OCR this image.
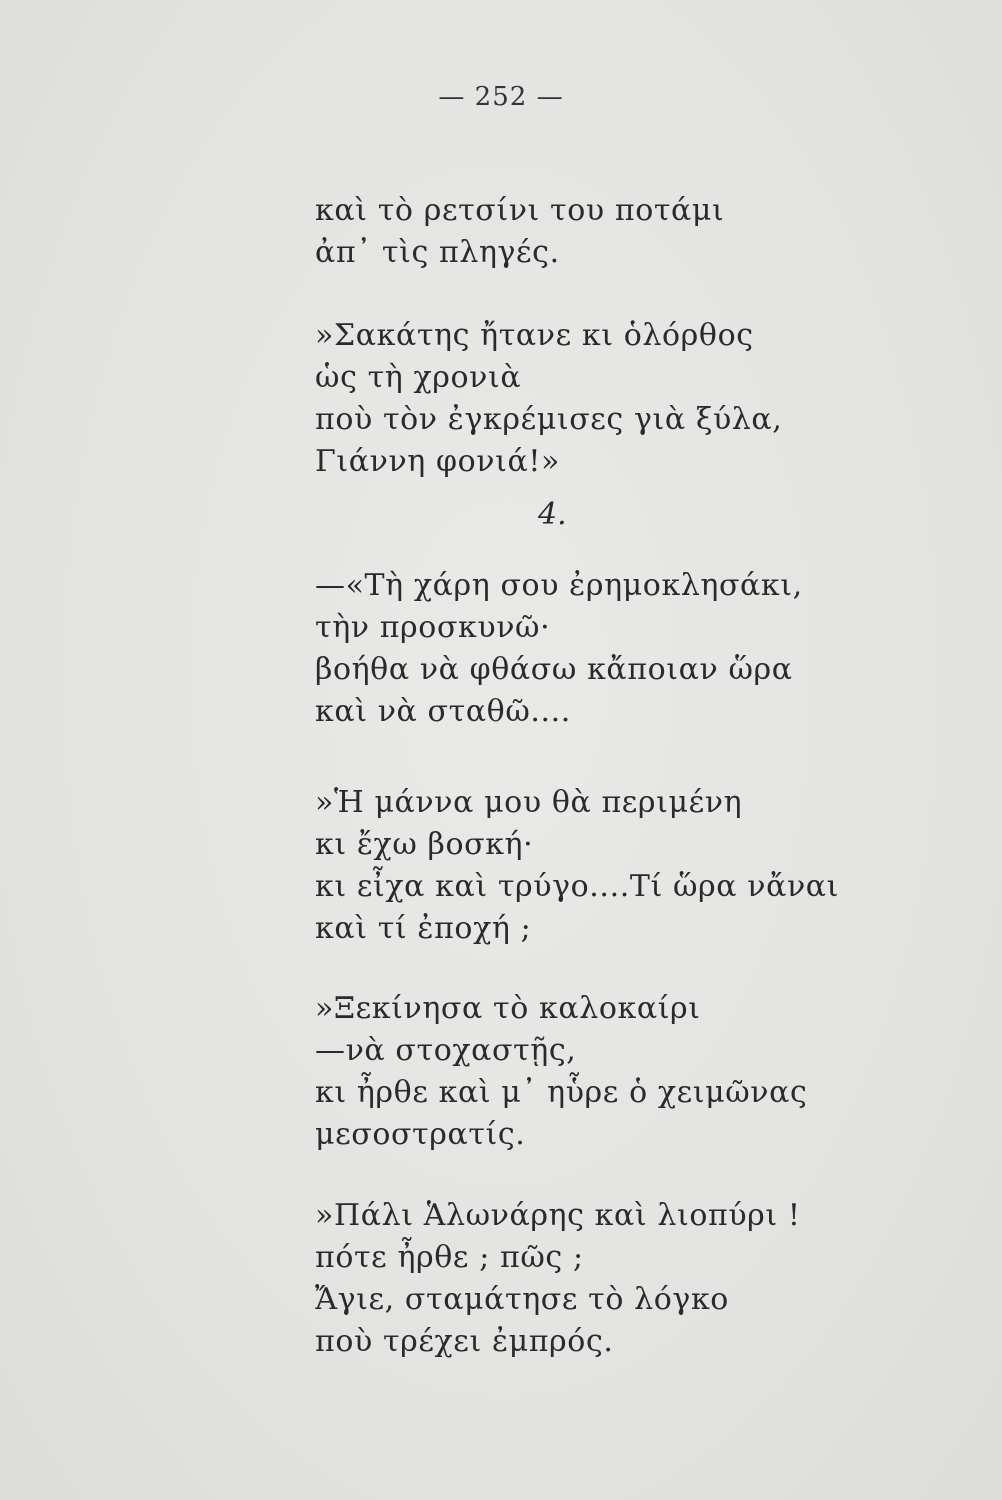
— 252 —
καὶ τὸ ρετσίνι του ποτάμι
ἀπ᾽ τὶς πληγές.
»Σακάτης ἤτανε κι ὁλόρθος
ὡς τὴ χρονιὰ
ποὺ τὸν ἐγκρέμισες γιὰ ξύλα,
Γιάννη φονιά!»
4.
—«Τὴ χάρη σου ἐρημοκλησάκι,
τὴν προσκυνῶ·
βοήθα νὰ φθάσω κἄποιαν ὥρα
καὶ νὰ σταθῶ....
»Ἡ μάννα μου θὰ περιμένη
κι ἔχω βοσκή·
κι εἶχα καὶ τρύγο....Τί ὥρα νἄναι
καὶ τί ἐποχή ;
»Ξεκίνησα τὸ καλοκαίρι
—νὰ στοχαστῇς,
κι ἦρθε καὶ μ᾽ ηὗρε ὁ χειμῶνας
μεσοστρατίς.
»Πάλι Ἁλωνάρης καὶ λιοπύρι !
πότε ἦρθε ; πῶς ;
Ἄγιε, σταμάτησε τὸ λόγκο
ποὺ τρέχει ἐμπρός.
